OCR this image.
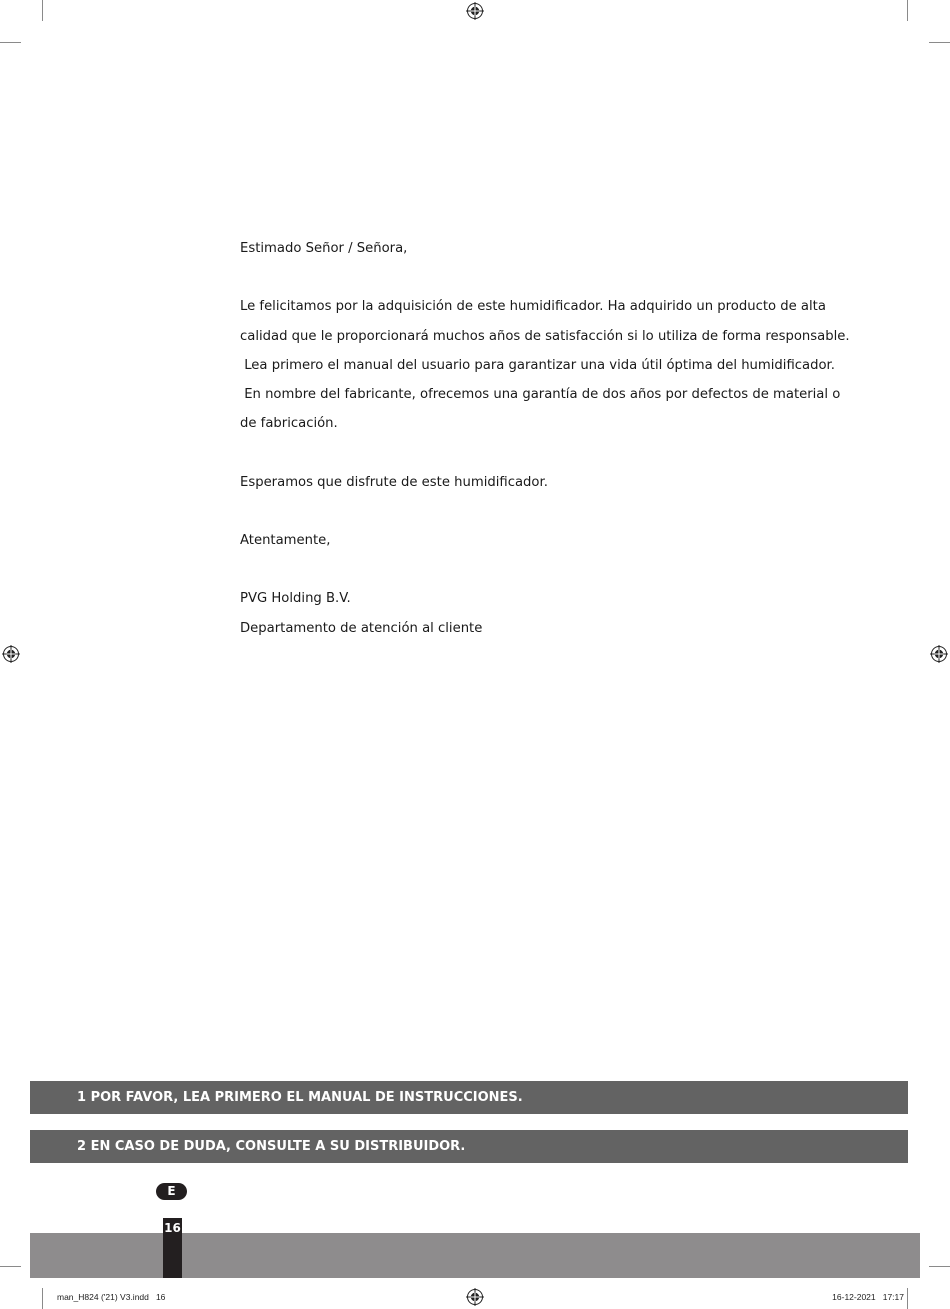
Estimado Señor / Señora,

Le felicitamos por la adquisición de este humidificador. Ha adquirido un producto de alta

calidad que le proporcionará muchos años de satisfacción si lo utiliza de forma responsable.

Lea primero el manual del usuario para garantizar una vida útil óptima del humidificador.

En nombre del fabricante, ofrecemos una garantía de dos años por defectos de material o

de fabricación.

Esperamos que disfrute de este humidificador.

Atentamente,

PVG Holding B.V.

Departamento de atención al cliente

1 POR FAVOR, LEA PRIMERO EL MANUAL DE INSTRUCCIONES.
2 EN CASO DE DUDA, CONSULTE A SU DISTRIBUIDOR.
E
16
man_H824 ('21) V3.indd   16	16-12-2021   17:17
